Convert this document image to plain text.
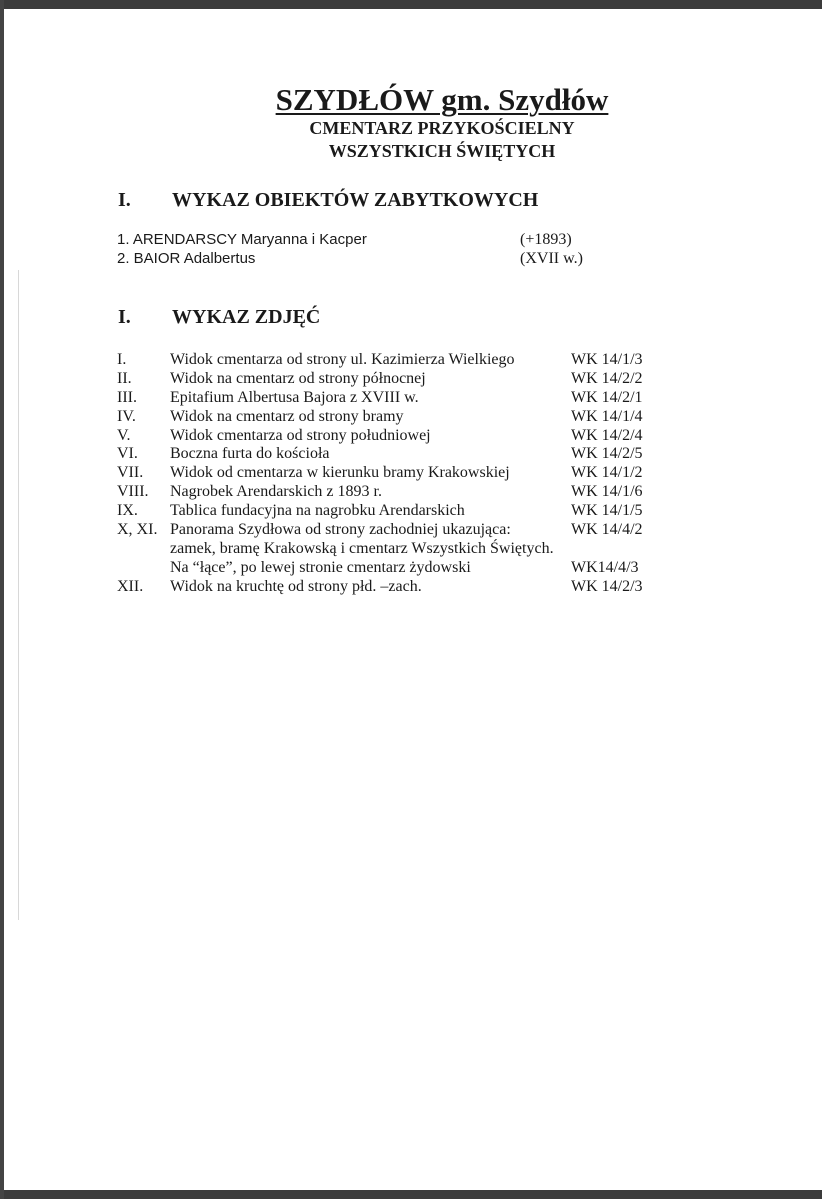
SZYDŁÓW gm. Szydłów
CMENTARZ PRZYKOŚCIELNY
WSZYSTKICH ŚWIĘTYCH
I. WYKAZ OBIEKTÓW ZABYTKOWYCH
1. ARENDARSCY Maryanna i Kacper	(+1893)
2. BAIOR Adalbertus	(XVII w.)
I. WYKAZ ZDJĘĆ
I.	Widok cmentarza od strony ul. Kazimierza Wielkiego	WK 14/1/3
II. Widok na cmentarz od strony północnej	WK 14/2/2
III. Epitafium Albertusa Bajora z XVIII w.	WK 14/2/1
IV. Widok na cmentarz od strony bramy	WK 14/1/4
V. Widok cmentarza od strony południowej	WK 14/2/4
VI. Boczna furta do kościoła	WK 14/2/5
VII. Widok od cmentarza w kierunku bramy Krakowskiej	WK 14/1/2
VIII. Nagrobek Arendarskich z 1893 r.	WK 14/1/6
IX. Tablica fundacyjna na nagrobku Arendarskich	WK 14/1/5
X, XI. Panorama Szydłowa od strony zachodniej ukazująca:	WK 14/4/2
zamek, bramę Krakowską i cmentarz Wszystkich Świętych.
Na “łące”, po lewej stronie cmentarz żydowski	WK14/4/3
XII. Widok na kruchtę od strony płd. –zach.	WK 14/2/3
